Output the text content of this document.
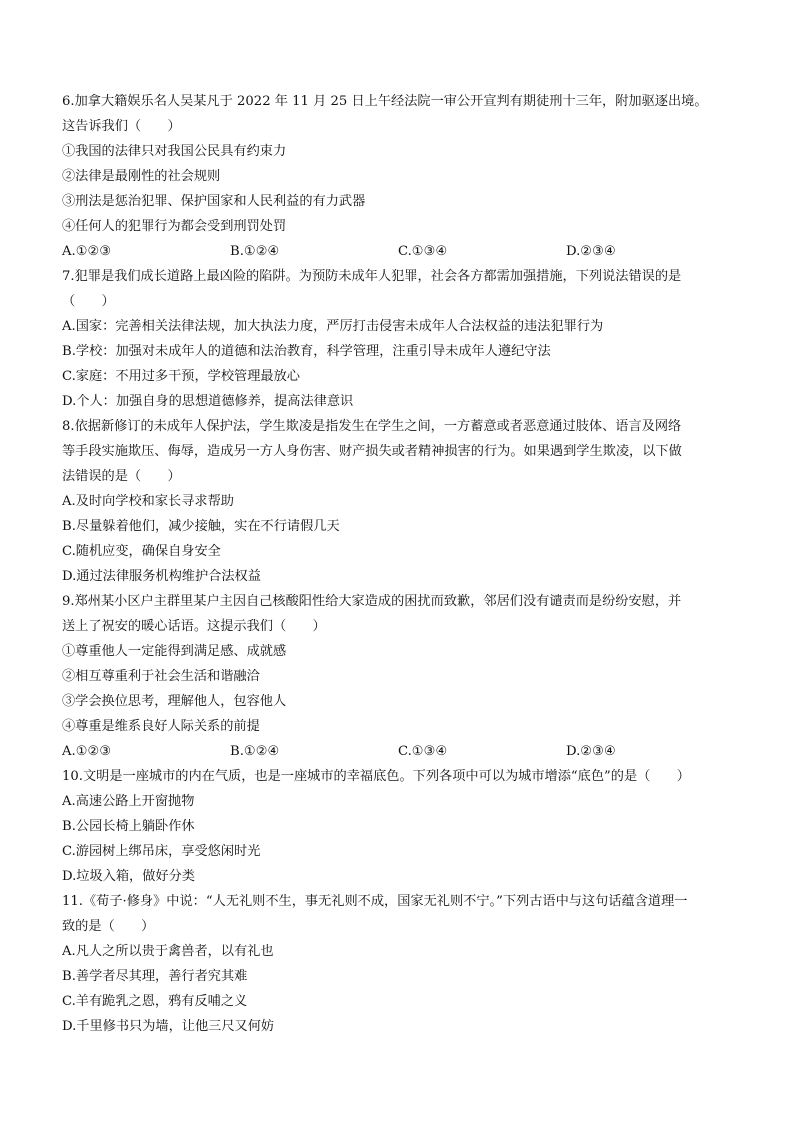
6.加拿大籍娱乐名人吴某凡于 2022 年 11 月 25 日上午经法院一审公开宣判有期徒刑十三年，附加驱逐出境。
这告诉我们（　　）
①我国的法律只对我国公民具有约束力
②法律是最刚性的社会规则
③刑法是惩治犯罪、保护国家和人民利益的有力武器
④任何人的犯罪行为都会受到刑罚处罚
A.①②③	B.①②④	C.①③④	D.②③④
7.犯罪是我们成长道路上最凶险的陷阱。为预防未成年人犯罪，社会各方都需加强措施，下列说法错误的是
（　　）
A.国家：完善相关法律法规，加大执法力度，严厉打击侵害未成年人合法权益的违法犯罪行为
B.学校：加强对未成年人的道德和法治教育，科学管理，注重引导未成年人遵纪守法
C.家庭：不用过多干预，学校管理最放心
D.个人：加强自身的思想道德修养，提高法律意识
8.依据新修订的未成年人保护法，学生欺凌是指发生在学生之间，一方蓄意或者恶意通过肢体、语言及网络
等手段实施欺压、侮辱，造成另一方人身伤害、财产损失或者精神损害的行为。如果遇到学生欺凌，以下做
法错误的是（　　）
A.及时向学校和家长寻求帮助
B.尽量躲着他们，减少接触，实在不行请假几天
C.随机应变，确保自身安全
D.通过法律服务机构维护合法权益
9.郑州某小区户主群里某户主因自己核酸阳性给大家造成的困扰而致歉，邻居们没有谴责而是纷纷安慰，并
送上了祝安的暖心话语。这提示我们（　　）
①尊重他人一定能得到满足感、成就感
②相互尊重利于社会生活和谐融洽
③学会换位思考，理解他人，包容他人
④尊重是维系良好人际关系的前提
A.①②③	B.①②④	C.①③④	D.②③④
10.文明是一座城市的内在气质，也是一座城市的幸福底色。下列各项中可以为城市增添“底色”的是（　　）
A.高速公路上开窗抛物
B.公园长椅上躺卧作休
C.游园树上绑吊床，享受悠闲时光
D.垃圾入箱，做好分类
11.《荀子·修身》中说：“人无礼则不生，事无礼则不成，国家无礼则不宁。”下列古语中与这句话蕴含道理一
致的是（　　）
A.凡人之所以贵于禽兽者，以有礼也
B.善学者尽其理，善行者究其难
C.羊有跪乳之恩，鸦有反哺之义
D.千里修书只为墙，让他三尺又何妨
